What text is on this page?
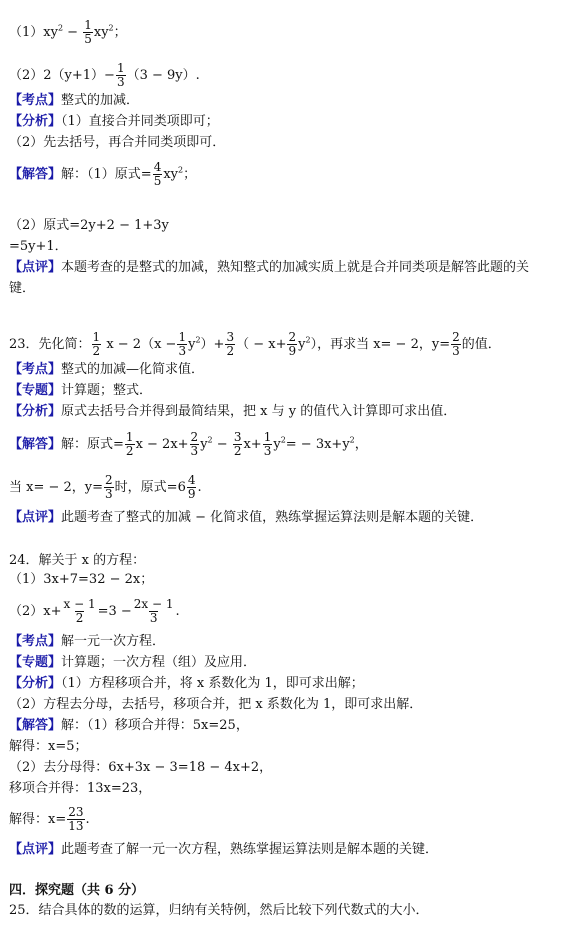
$(1)xy^2 - \frac{1}{5} xy^2$；
$(2)2(y+1)- \frac{1}{3} (3 - 9y)$.
【考点】整式的加减．
【分析】（1）直接合并同类项即可；
（2）先去括号，再合并同类项即可．
【解答】解：（1）原式= $\frac{4}{5} xy^2$；
（2）原式=2y+2 − 1+3y
=5y+1．
【点评】本题考查的是整式的加减，熟知整式的加减实质上就是合并同类项是解答此题的关
键．
23．先化简： $\frac{1}{2}$ $x - 2(x - \frac{1}{3} y^2)+ \frac{3}{2}$ （ − $x+ \frac{2}{9} y^2$），再求当 x= − 2，$y= \frac{2}{3}$ 的值．
【考点】整式的加减—化简求值．
【专题】计算题；整式．
【分析】原式去括号合并得到最简结果，把 x 与 y 的值代入计算即可求出值．
【解答】解：原式= $\frac{1}{2}$ $x - 2x+ \frac{2}{3} y^2 - \frac{3}{2} x+ \frac{1}{3} y^2= - 3x+y^2$，
当 x= − 2，$y= \frac{2}{3}$ 时，原式$=6 \frac{4}{9}$ .
【点评】此题考查了整式的加减 − 化简求值，熟练掌握运算法则是解本题的关键．
24．解关于 x 的方程：
（1）3x+7=32 − 2x；
$(2)x+ \frac{x - 1}{2} =3 - \frac{2x - 1}{3}$ .
【考点】解一元一次方程．
【专题】计算题；一次方程（组）及应用．
【分析】（1）方程移项合并，将 x 系数化为 1，即可求出解；
（2）方程去分母，去括号，移项合并，把 x 系数化为 1，即可求出解．
【解答】解：（1）移项合并得：5x=25，
解得：x=5；
（2）去分母得：6x+3x − 3=18 − 4x+2，
移项合并得：13x=23，
解得：$x= \frac{23}{13}$ .
【点评】此题考查了解一元一次方程，熟练掌握运算法则是解本题的关键．
四．探究题（共 6 分）
25．结合具体的数的运算，归纳有关特例，然后比较下列代数式的大小．
